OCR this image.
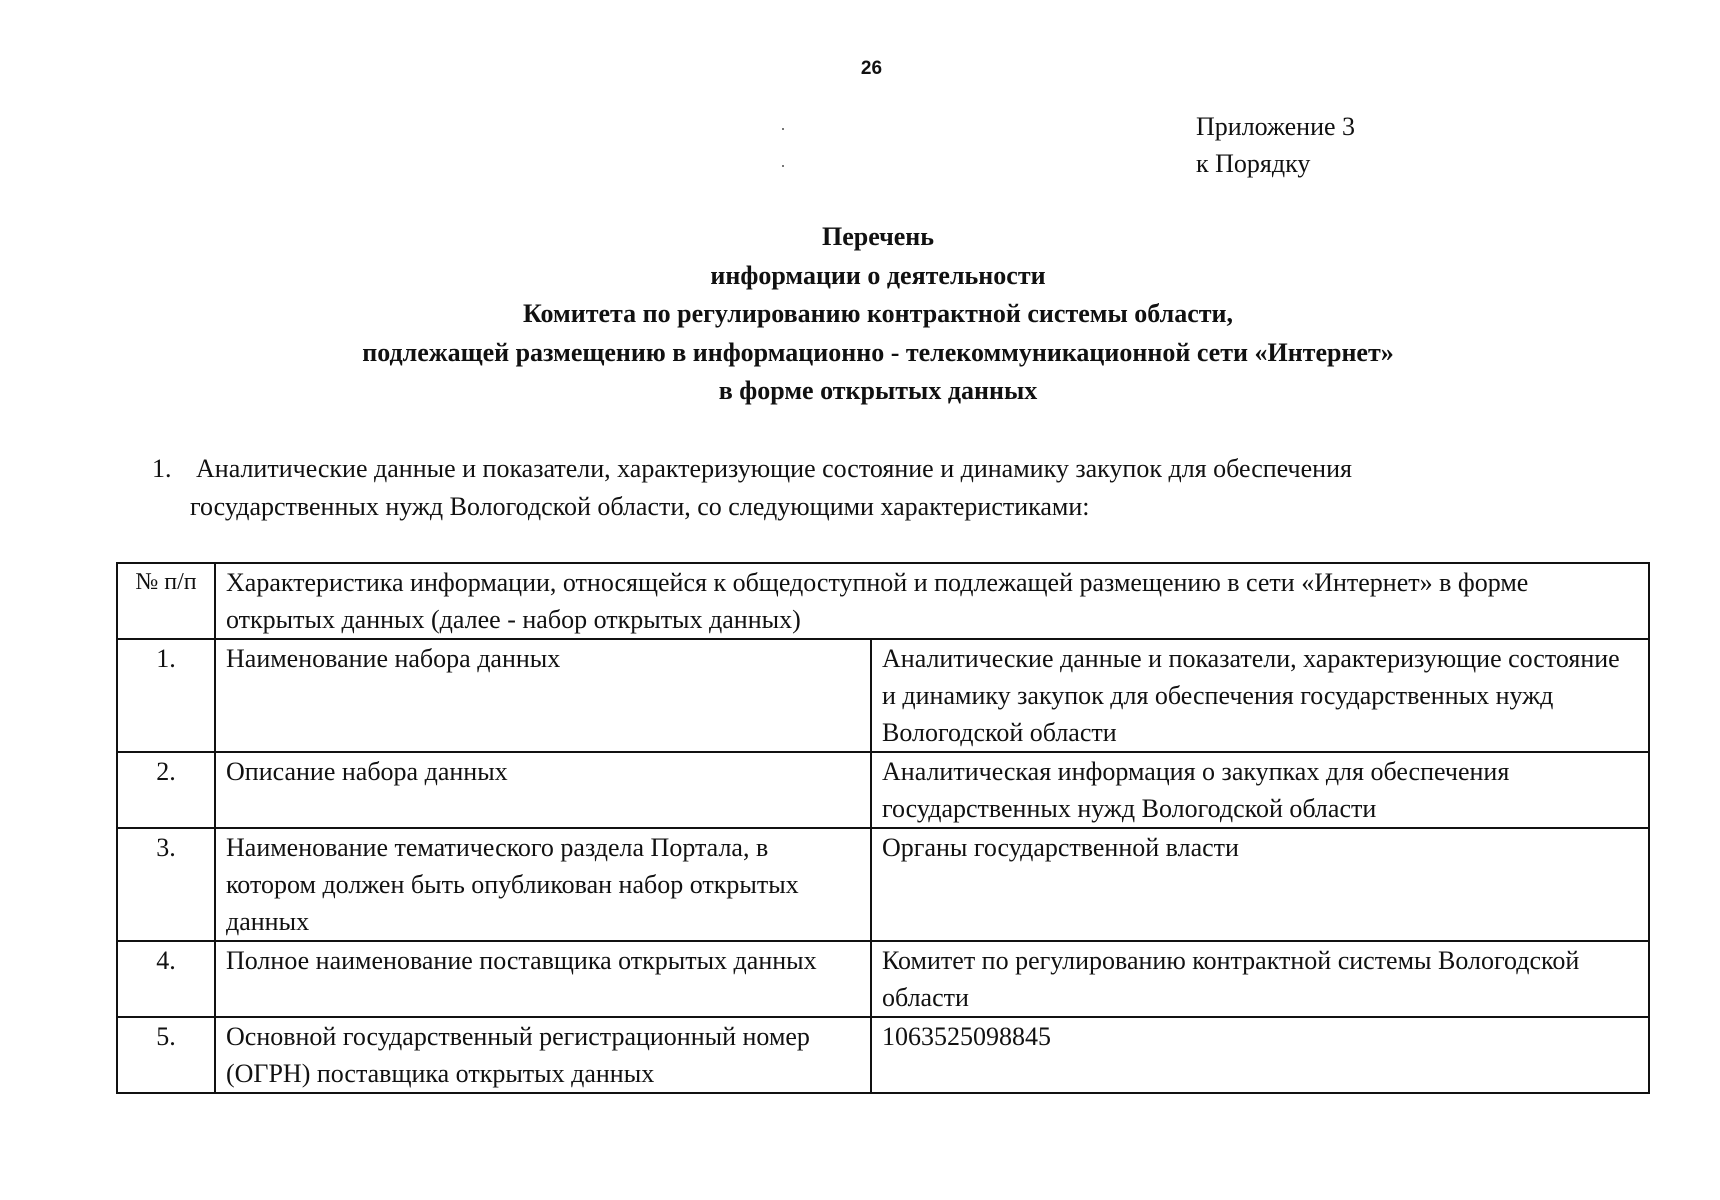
26
Приложение 3
к Порядку
Перечень
информации о деятельности
Комитета по регулированию контрактной системы области,
подлежащей размещению в информационно - телекоммуникационной сети «Интернет»
в форме открытых данных
1. Аналитические данные и показатели, характеризующие состояние и динамику закупок для обеспечения
государственных нужд Вологодской области, со следующими характеристиками:
№ п/п	Характеристика информации, относящейся к общедоступной и подлежащей размещению в сети «Интернет» в форме открытых данных (далее - набор открытых данных)	
1.	Наименование набора данных	Аналитические данные и показатели, характеризующие состояние и динамику закупок для обеспечения государственных нужд Вологодской области
2.	Описание набора данных	Аналитическая информация о закупках для обеспечения государственных нужд Вологодской области
3.	Наименование тематического раздела Портала, в котором должен быть опубликован набор открытых данных	Органы государственной власти
4.	Полное наименование поставщика открытых данных	Комитет по регулированию контрактной системы Вологодской области
5.	Основной государственный регистрационный номер (ОГРН) поставщика открытых данных	1063525098845
